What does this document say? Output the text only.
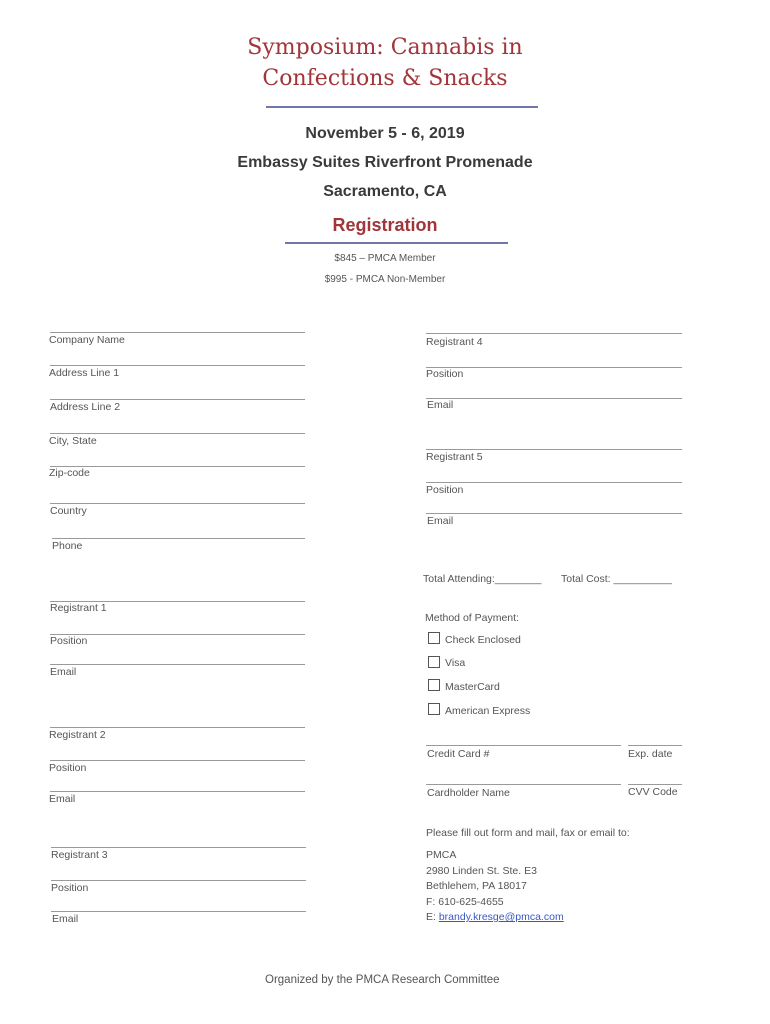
Symposium: Cannabis in
Confections & Snacks
November 5 - 6, 2019
Embassy Suites Riverfront Promenade
Sacramento, CA
Registration
$845 – PMCA Member
$995 - PMCA Non-Member
Company Name
Address Line 1
Address Line 2
City, State
Zip-code
Country
Phone
Registrant 1
Position
Email
Registrant 2
Position
Email
Registrant 3
Position
Email
Registrant 4
Position
Email
Registrant 5
Position
Email
Total Attending:________ Total Cost: __________
Method of Payment:
Check Enclosed
Visa
MasterCard
American Express
Credit Card #	Exp. date
Cardholder Name	CVV Code
Please fill out form and mail, fax or email to:
PMCA
2980 Linden St. Ste. E3
Bethlehem, PA 18017
F: 610-625-4655
E: brandy.kresge@pmca.com
Organized by the PMCA Research Committee
